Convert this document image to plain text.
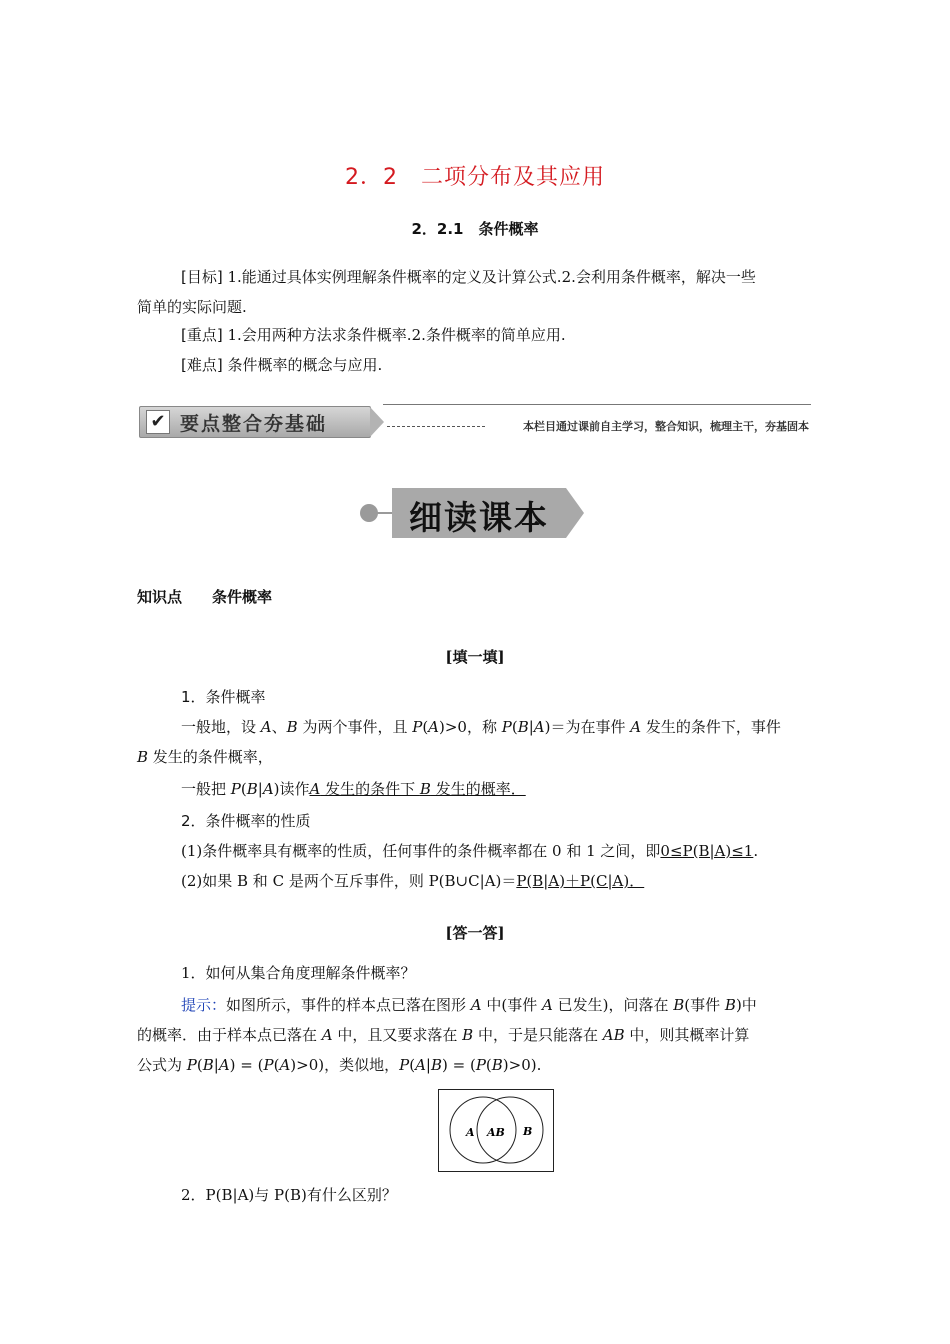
2．2　二项分布及其应用
2．2.1　条件概率
[目标] 1.能通过具体实例理解条件概率的定义及计算公式.2.会利用条件概率，解决一些
简单的实际问题.
[重点] 1.会用两种方法求条件概率.2.条件概率的简单应用.
[难点] 条件概率的概念与应用.
✔ 要点整合夯基础	本栏目通过课前自主学习，整合知识，梳理主干，夯基固本
细读课本
知识点 条件概率
[填一填]
1．条件概率
一般地，设 A、B 为两个事件，且 P(A)>0，称 P(B|A)＝为在事件 A 发生的条件下，事件
B 发生的条件概率，
一般把 P(B|A)读作A 发生的条件下 B 发生的概率．
2．条件概率的性质
(1)条件概率具有概率的性质，任何事件的条件概率都在 0 和 1 之间，即0≤P(B|A)≤1.
(2)如果 B 和 C 是两个互斥事件，则 P(B∪C|A)＝P(B|A)＋P(C|A)．
[答一答]
1．如何从集合角度理解条件概率？
提示：如图所示，事件的样本点已落在图形 A 中(事件 A 已发生)，问落在 B(事件 B)中
的概率．由于样本点已落在 A 中，且又要求落在 B 中，于是只能落在 AB 中，则其概率计算
公式为 P(B|A) = (P(A)>0)，类似地，P(A|B) = (P(B)>0).
A AB B
2．P(B|A)与 P(B)有什么区别？
